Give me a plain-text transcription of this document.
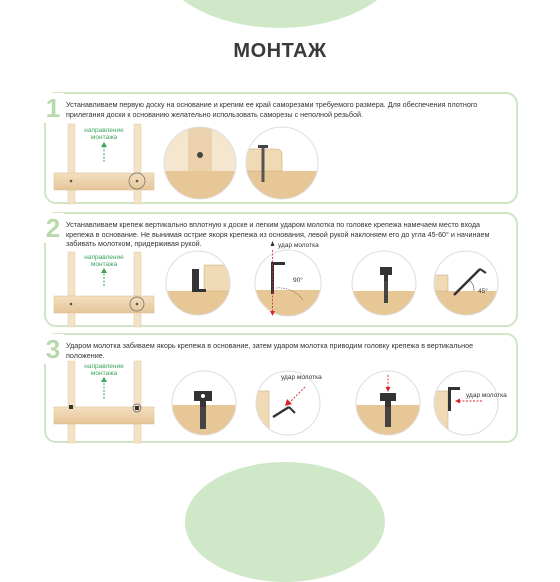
МОНТАЖ
1 Устанавливаем первую доску на основание и крепим ее край саморезами требуемого размера. Для обеспечения плотного прилегания доски к основанию желательно использовать саморезы с неполной резьбой.
направление
монтажа
2 Устанавливаем крепеж вертикально вплотную к доске и легким ударом молотка по головке крепежа намечаем место входа крепежа в основание. Не вынимая острие якоря крепежа из основания, левой рукой наклоняем его до угла 45-60° и начинаем забивать молотком, придерживая рукой.
направление
монтажа
удар молотка
90°
45°
3 Ударом молотка забиваем якорь крепежа в основание, затем ударом молотка приводим головку крепежа в вертикальное положение.
направление
монтажа
удар молотка
удар молотка
